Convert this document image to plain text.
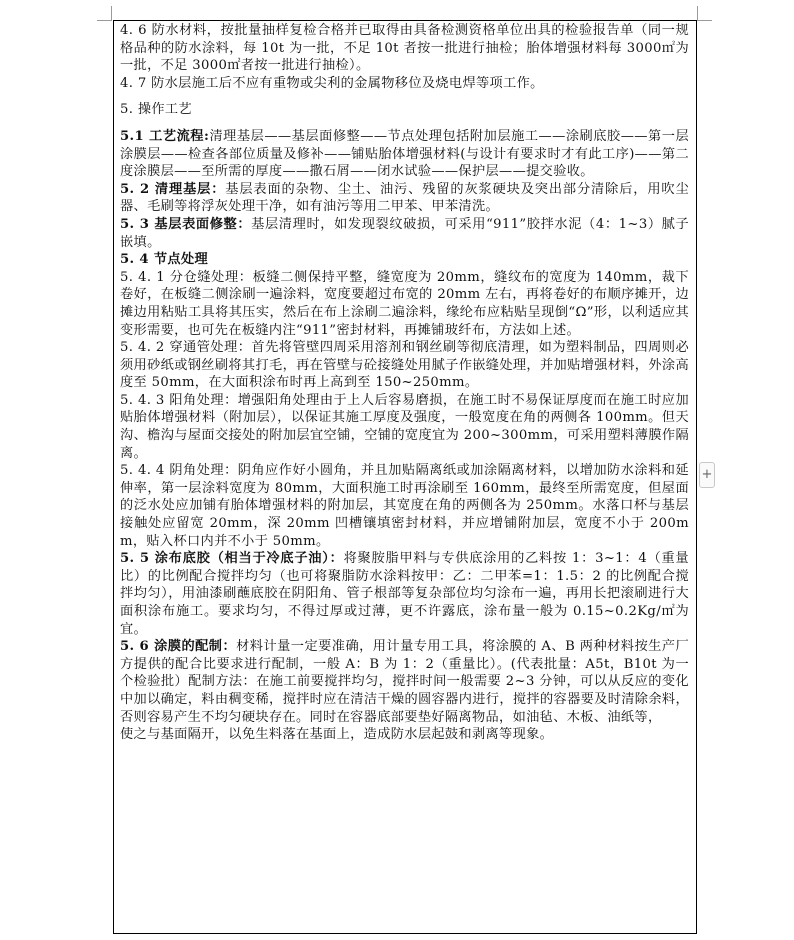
4. 6 防水材料，按批量抽样复检合格并已取得由具备检测资格单位出具的检验报告单（同一规格品种的防水涂料，每 10t 为一批，不足 10t 者按一批进行抽检；胎体增强材料每 3000㎡为一批，不足 3000㎡者按一批进行抽检）。

4. 7 防水层施工后不应有重物或尖利的金属物移位及烧电焊等项工作。

5. 操作工艺

5.1 工艺流程:清理基层——基层面修整——节点处理包括附加层施工——涂刷底胶——第一层涂膜层——检查各部位质量及修补——铺贴胎体增强材料(与设计有要求时才有此工序)——第二度涂膜层——至所需的厚度——撒石屑——闭水试验——保护层——提交验收。

5. 2 清理基层：基层表面的杂物、尘土、油污、残留的灰浆硬块及突出部分清除后，用吹尘器、毛刷等将浮灰处理干净，如有油污等用二甲苯、甲苯清洗。

5. 3 基层表面修整：基层清理时，如发现裂纹破损，可采用“911”胶拌水泥（4：1~3）腻子嵌填。

5. 4 节点处理

5. 4. 1 分仓缝处理：板缝二侧保持平整，缝宽度为 20mm，缝纹布的宽度为 140mm，裁下卷好，在板缝二侧涂刷一遍涂料，宽度要超过布宽的 20mm 左右，再将卷好的布顺序摊开，边摊边用粘贴工具将其压实，然后在布上涂刷二遍涂料，缘纶布应粘贴呈现倒“Ω”形，以利适应其变形需要，也可先在板缝内注“911”密封材料，再摊铺玻纤布，方法如上述。

5. 4. 2 穿通管处理：首先将管壁四周采用溶剂和钢丝刷等彻底清理，如为塑料制品，四周则必须用砂纸或钢丝刷将其打毛，再在管壁与砼接缝处用腻子作嵌缝处理，并加贴增强材料，外涂高度至 50mm，在大面积涂布时再上高到至 150~250mm。

5. 4. 3 阳角处理：增强阳角处理由于上人后容易磨损，在施工时不易保证厚度而在施工时应加贴胎体增强材料（附加层），以保证其施工厚度及强度，一般宽度在角的两侧各 100mm。但天沟、檐沟与屋面交接处的附加层宜空铺，空铺的宽度宜为 200~300mm，可采用塑料薄膜作隔离。

5. 4. 4 阴角处理：阴角应作好小圆角，并且加贴隔离纸或加涂隔离材料，以增加防水涂料和延伸率，第一层涂料宽度为 80mm，大面积施工时再涂刷至 160mm，最终至所需宽度，但屋面的泛水处应加铺有胎体增强材料的附加层，其宽度在角的两侧各为 250mm。水落口杯与基层接触处应留宽 20mm，深 20mm 凹槽镶填密封材料，并应增铺附加层，宽度不小于 200mm，贴入杯口内并不小于 50mm。

5. 5 涂布底胶（相当于冷底子油）：将聚胺脂甲料与专供底涂用的乙料按 1：3~1：4（重量比）的比例配合搅拌均匀（也可将聚脂防水涂料按甲：乙：二甲苯=1：1.5：2 的比例配合搅拌均匀），用油漆刷蘸底胶在阴阳角、管子根部等复杂部位均匀涂布一遍，再用长把滚刷进行大面积涂布施工。要求均匀，不得过厚或过薄，更不许露底，涂布量一般为 0.15~0.2Kg/㎡为宜。

5. 6 涂膜的配制：材料计量一定要准确，用计量专用工具，将涂膜的 A、B 两种材料按生产厂方提供的配合比要求进行配制，一般 A：B 为 1：2（重量比）。(代表批量：A5t，B10t 为一个检验批）配制方法：在施工前要搅拌均匀，搅拌时间一般需要 2~3 分钟，可以从反应的变化中加以确定，料由稠变稀，搅拌时应在清洁干燥的圆容器内进行，搅拌的容器要及时清除余料，否则容易产生不均匀硬块存在。同时在容器底部要垫好隔离物品，如油毡、木板、油纸等，

使之与基面隔开，以免生料落在基面上，造成防水层起鼓和剥离等现象。

+
